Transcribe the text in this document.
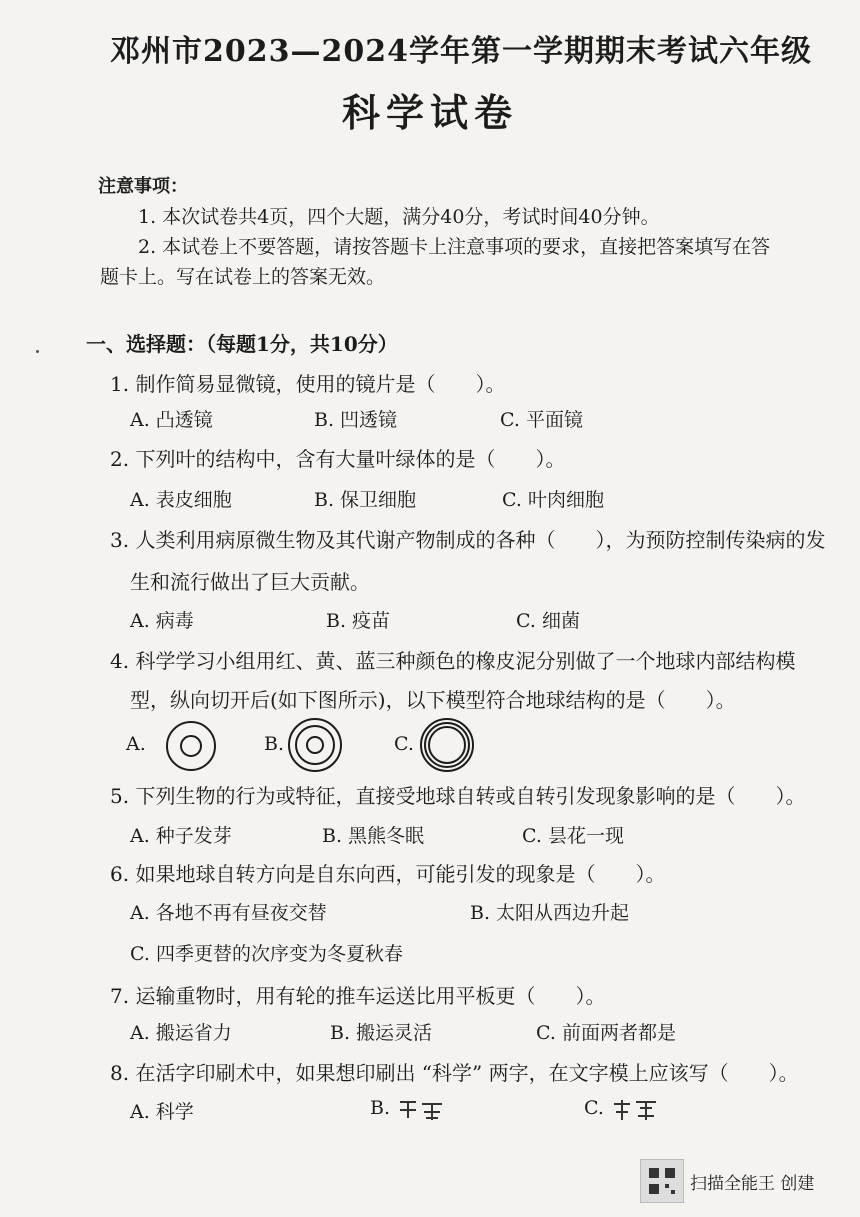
邓州市2023—2024学年第一学期期末考试六年级
科学试卷
注意事项：
1. 本次试卷共4页，四个大题，满分40分，考试时间40分钟。
2. 本试卷上不要答题，请按答题卡上注意事项的要求，直接把答案填写在答
题卡上。写在试卷上的答案无效。
一、选择题：（每题1分，共10分）
1. 制作简易显微镜，使用的镜片是（　　）。
A. 凸透镜	B. 凹透镜	C. 平面镜
2. 下列叶的结构中，含有大量叶绿体的是（　　）。
A. 表皮细胞	B. 保卫细胞	C. 叶肉细胞
3. 人类利用病原微生物及其代谢产物制成的各种（　　），为预防控制传染病的发
生和流行做出了巨大贡献。
A. 病毒	B. 疫苗	C. 细菌
4. 科学学习小组用红、黄、蓝三种颜色的橡皮泥分别做了一个地球内部结构模
型，纵向切开后(如下图所示)，以下模型符合地球结构的是（　　）。
A.	B.	C.
5. 下列生物的行为或特征，直接受地球自转或自转引发现象影响的是（　　）。
A. 种子发芽	B. 黑熊冬眠	C. 昙花一现
6. 如果地球自转方向是自东向西，可能引发的现象是（　　）。
A. 各地不再有昼夜交替	B. 太阳从西边升起
C. 四季更替的次序变为冬夏秋春
7. 运输重物时，用有轮的推车运送比用平板更（　　）。
A. 搬运省力	B. 搬运灵活	C. 前面两者都是
8. 在活字印刷术中，如果想印刷出 “科学” 两字，在文字模上应该写（　　）。
A. 科学	B.	C.
扫描全能王 创建
